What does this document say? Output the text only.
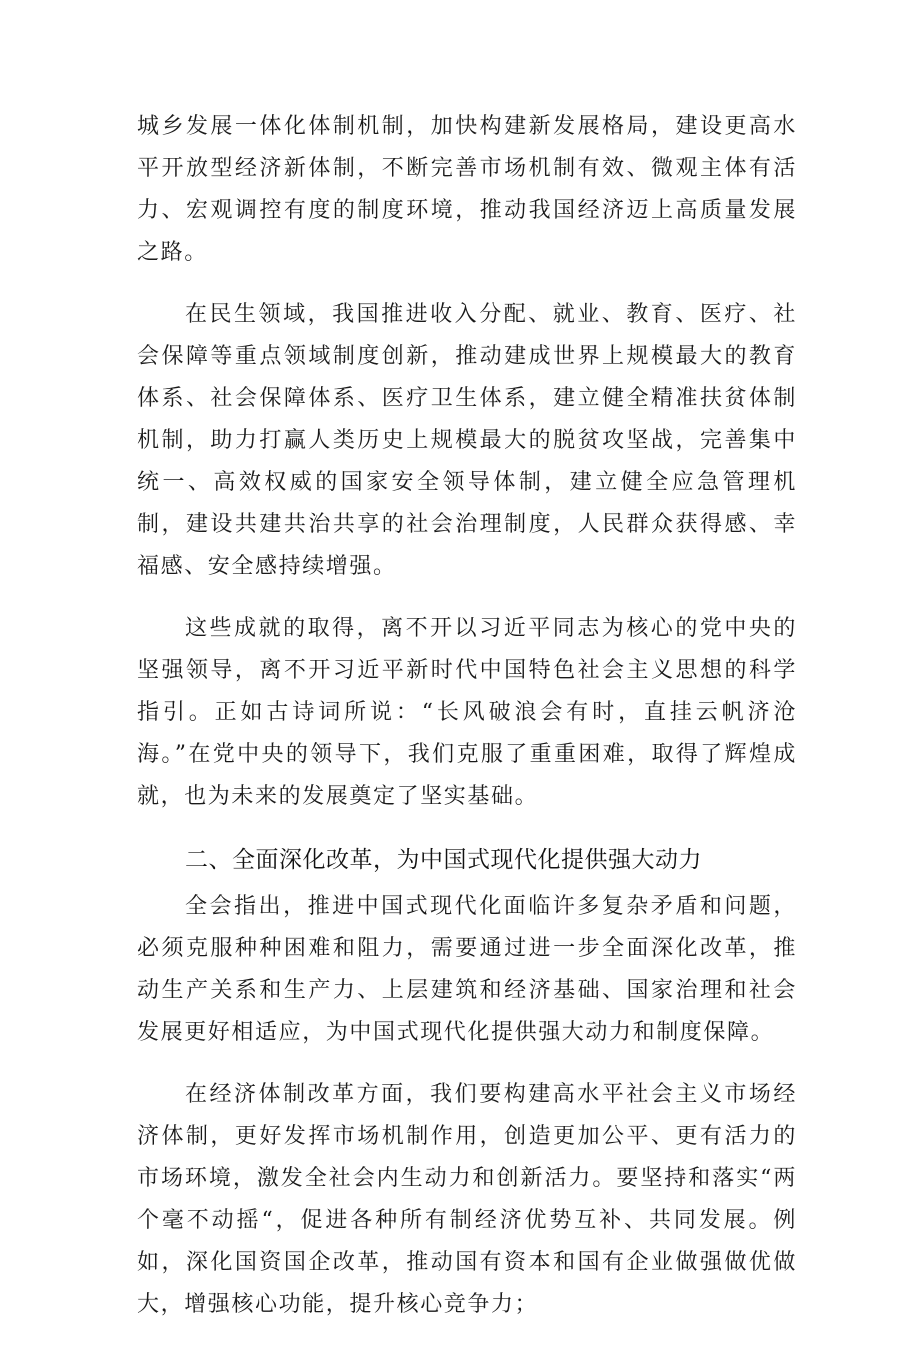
城乡发展一体化体制机制，加快构建新发展格局，建设更高水平开放型经济新体制，不断完善市场机制有效、微观主体有活力、宏观调控有度的制度环境，推动我国经济迈上高质量发展之路。

在民生领域，我国推进收入分配、就业、教育、医疗、社会保障等重点领域制度创新，推动建成世界上规模最大的教育体系、社会保障体系、医疗卫生体系，建立健全精准扶贫体制机制，助力打赢人类历史上规模最大的脱贫攻坚战，完善集中统一、高效权威的国家安全领导体制，建立健全应急管理机制，建设共建共治共享的社会治理制度，人民群众获得感、幸福感、安全感持续增强。

这些成就的取得，离不开以习近平同志为核心的党中央的坚强领导，离不开习近平新时代中国特色社会主义思想的科学指引。正如古诗词所说：“长风破浪会有时，直挂云帆济沧海。”在党中央的领导下，我们克服了重重困难，取得了辉煌成就，也为未来的发展奠定了坚实基础。

二、全面深化改革，为中国式现代化提供强大动力

全会指出，推进中国式现代化面临许多复杂矛盾和问题，必须克服种种困难和阻力，需要通过进一步全面深化改革，推动生产关系和生产力、上层建筑和经济基础、国家治理和社会发展更好相适应，为中国式现代化提供强大动力和制度保障。

在经济体制改革方面，我们要构建高水平社会主义市场经济体制，更好发挥市场机制作用，创造更加公平、更有活力的市场环境，激发全社会内生动力和创新活力。要坚持和落实“两个毫不动摇“，促进各种所有制经济优势互补、共同发展。例如，深化国资国企改革，推动国有资本和国有企业做强做优做大，增强核心功能，提升核心竞争力；
